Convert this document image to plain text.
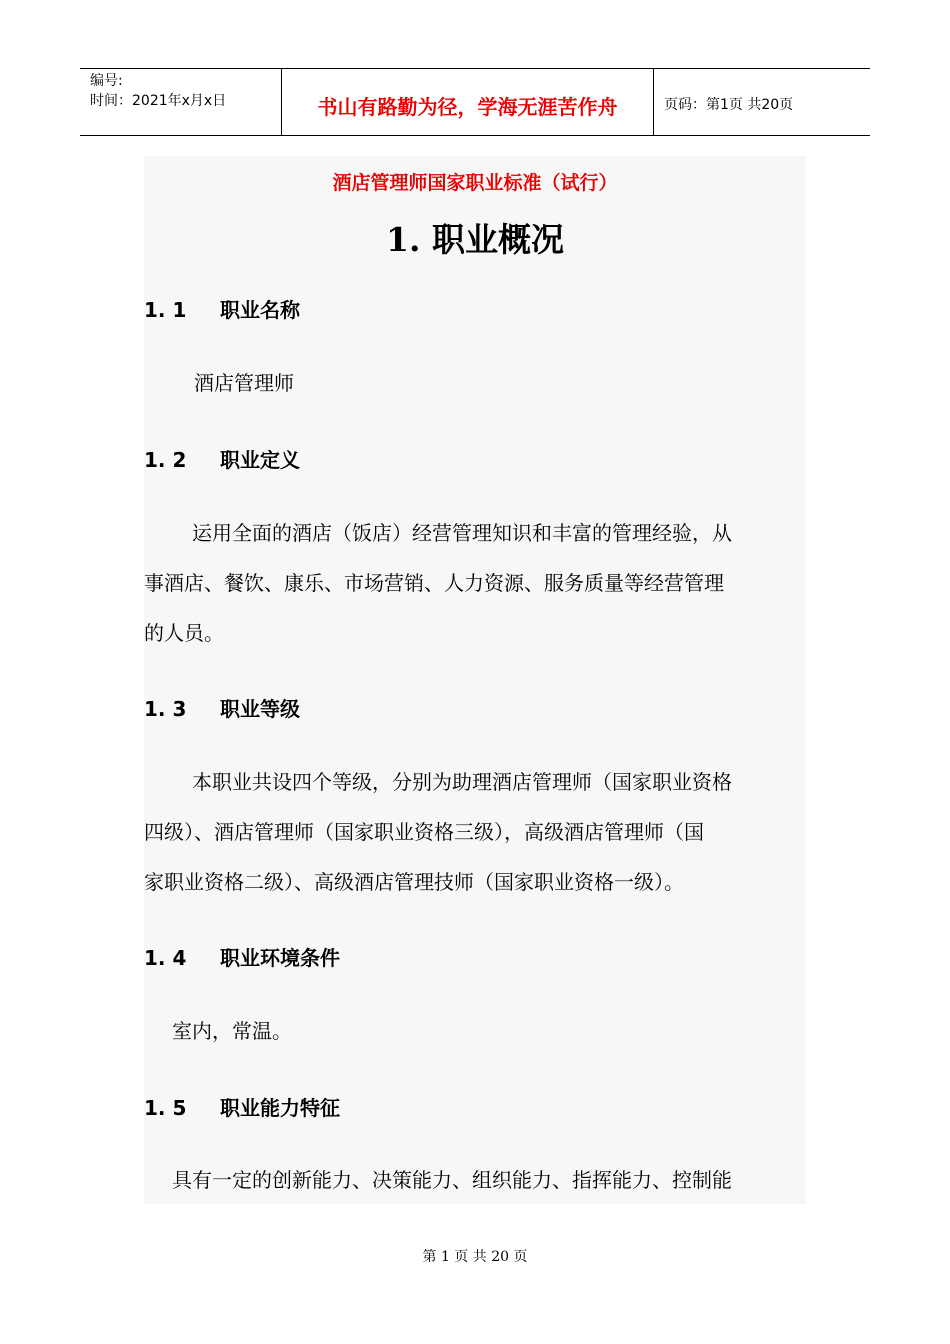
编号:
时间：2021年x月x日	书山有路勤为径，学海无涯苦作舟	页码：第1页 共20页
酒店管理师国家职业标准（试行）
1. 职业概况
1. 1 职业名称
酒店管理师
1. 2 职业定义
运用全面的酒店（饭店）经营管理知识和丰富的管理经验，从
事酒店、餐饮、康乐、市场营销、人力资源、服务质量等经营管理
的人员。
1. 3 职业等级
本职业共设四个等级，分别为助理酒店管理师（国家职业资格
四级）、酒店管理师（国家职业资格三级），高级酒店管理师（国
家职业资格二级）、高级酒店管理技师（国家职业资格一级）。
1. 4 职业环境条件
室内，常温。
1. 5 职业能力特征
具有一定的创新能力、决策能力、组织能力、指挥能力、控制能
第 1 页 共 20 页
